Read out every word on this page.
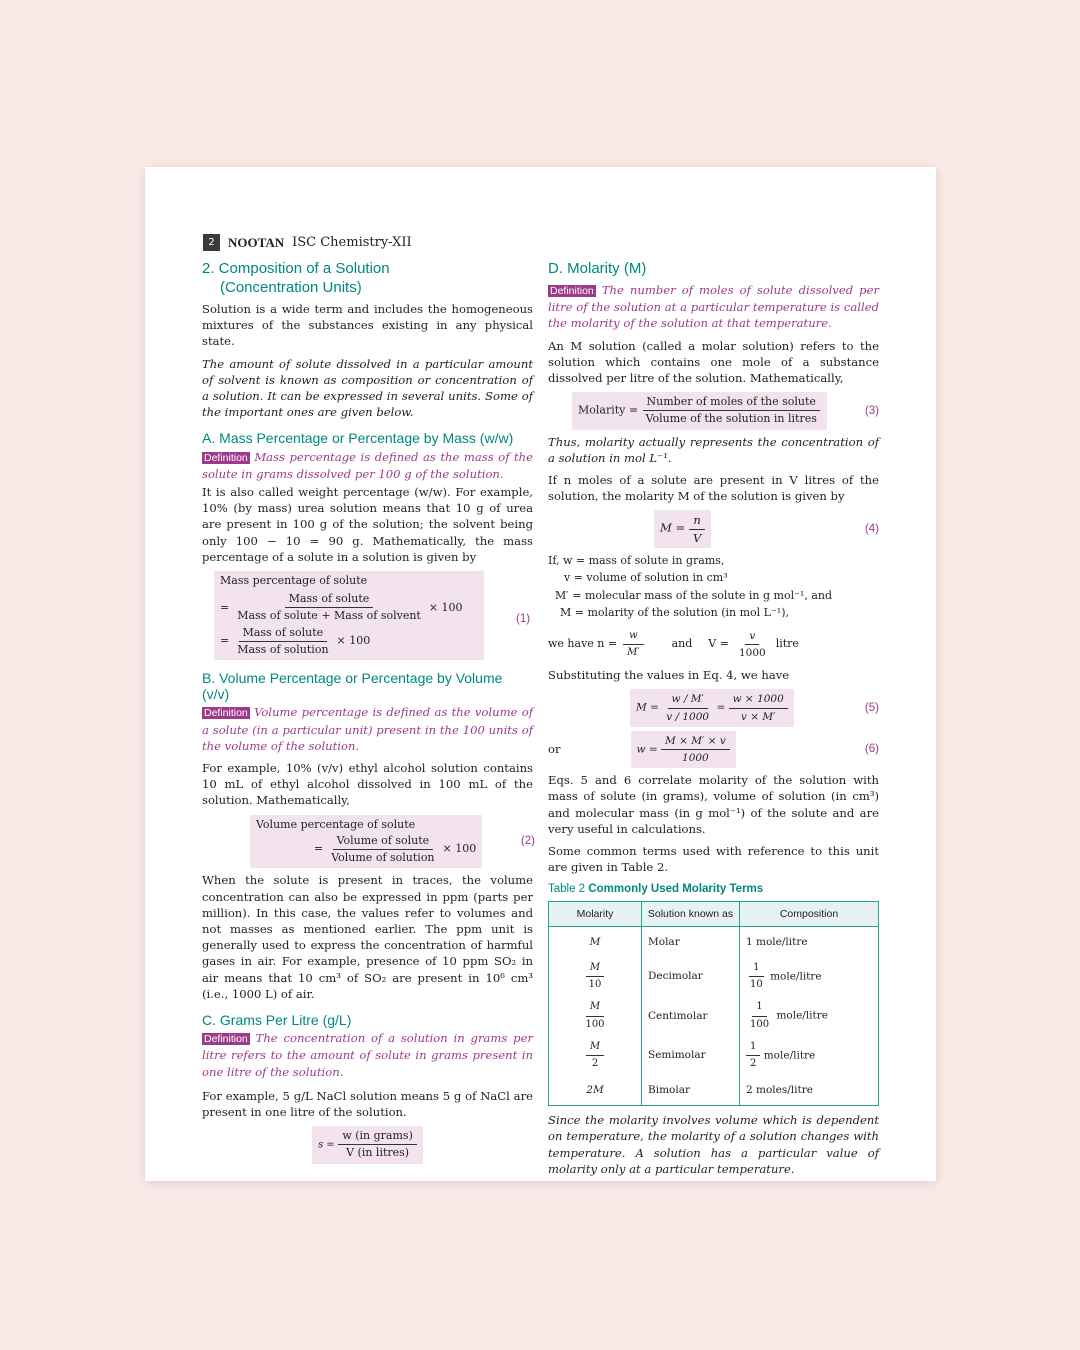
2	NOOTAN ISC Chemistry-XII
2. Composition of a Solution
(Concentration Units)

Solution is a wide term and includes the homogeneous mixtures of the substances existing in any physical state.

The amount of solute dissolved in a particular amount of solvent is known as composition or concentration of a solution. It can be expressed in several units. Some of the important ones are given below.

A. Mass Percentage or Percentage by Mass (w/w)
Definition Mass percentage is defined as the mass of the solute in grams dissolved per 100 g of the solution.

It is also called weight percentage (w/w). For example, 10% (by mass) urea solution means that 10 g of urea are present in 100 g of the solution; the solvent being only 100 − 10 = 90 g. Mathematically, the mass percentage of a solute in a solution is given by

Mass percentage of solute
= $\frac{\text{Mass of solute}}{\text{Mass of solute + Mass of solvent}} \times 100$
= $\frac{\text{Mass of solute}}{\text{Mass of solution}} \times 100$
(1)
B. Volume Percentage or Percentage by Volume (v/v)
Definition Volume percentage is defined as the volume of a solute (in a particular unit) present in the 100 units of the volume of the solution.

For example, 10% (v/v) ethyl alcohol solution contains 10 mL of ethyl alcohol dissolved in 100 mL of the solution. Mathematically,

Volume percentage of solute
= $\frac{\text{Volume of solute}}{\text{Volume of solution}} \times 100$
(2)

When the solute is present in traces, the volume concentration can also be expressed in ppm (parts per million). In this case, the values refer to volumes and not masses as mentioned earlier. The ppm unit is generally used to express the concentration of harmful gases in air. For example, presence of 10 ppm SO₂ in air means that 10 cm³ of SO₂ are present in 10⁶ cm³ (i.e., 1000 L) of air.

C. Grams Per Litre (g/L)
Definition The concentration of a solution in grams per litre refers to the amount of solute in grams present in one litre of the solution.

For example, 5 g/L NaCl solution means 5 g of NaCl are present in one litre of the solution.

$s = \frac{\text{w (in grams)}}{\text{V (in litres)}}$
D. Molarity (M)
Definition The number of moles of solute dissolved per litre of the solution at a particular temperature is called the molarity of the solution at that temperature.

An M solution (called a molar solution) refers to the solution which contains one mole of a substance dissolved per litre of the solution. Mathematically,

Molarity = $\frac{\text{Number of moles of the solute}}{\text{Volume of the solution in litres}}$	(3)

Thus, molarity actually represents the concentration of a solution in mol L⁻¹.

If n moles of a solute are present in V litres of the solution, the molarity M of the solution is given by

$M = \frac{n}{V}$	(4)
If, w = mass of solute in grams,
v = volume of solution in cm³
M′ = molecular mass of the solute in g mol⁻¹, and
M = molarity of the solution (in mol L⁻¹),
we have $n = \frac{w}{M'}$	and $V = \frac{v}{1000}$ litre

Substituting the values in Eq. 4, we have

$M = \frac{w / M'}{v / 1000} = \frac{w \times 1000}{v \times M'}$	(5)
or	$w = \frac{M \times M' \times v}{1000}$	(6)

Eqs. 5 and 6 correlate molarity of the solution with mass of solute (in grams), volume of solution (in cm³) and molecular mass (in g mol⁻¹) of the solute and are very useful in calculations.

Some common terms used with reference to this unit are given in Table 2.

Table 2 Commonly Used Molarity Terms
Molarity	Solution known as	Composition
M	Molar	1 mole/litre

$\frac{M}{10}$	Decimolar	$\frac{1}{10}$ mole/litre

$\frac{M}{100}$	Centimolar	$\frac{1}{100}$ mole/litre

$\frac{M}{2}$	Semimolar	$\frac{1}{2}$ mole/litre
2M	Bimolar	2 moles/litre

Since the molarity involves volume which is dependent on temperature, the molarity of a solution changes with temperature. A solution has a particular value of molarity only at a particular temperature.
